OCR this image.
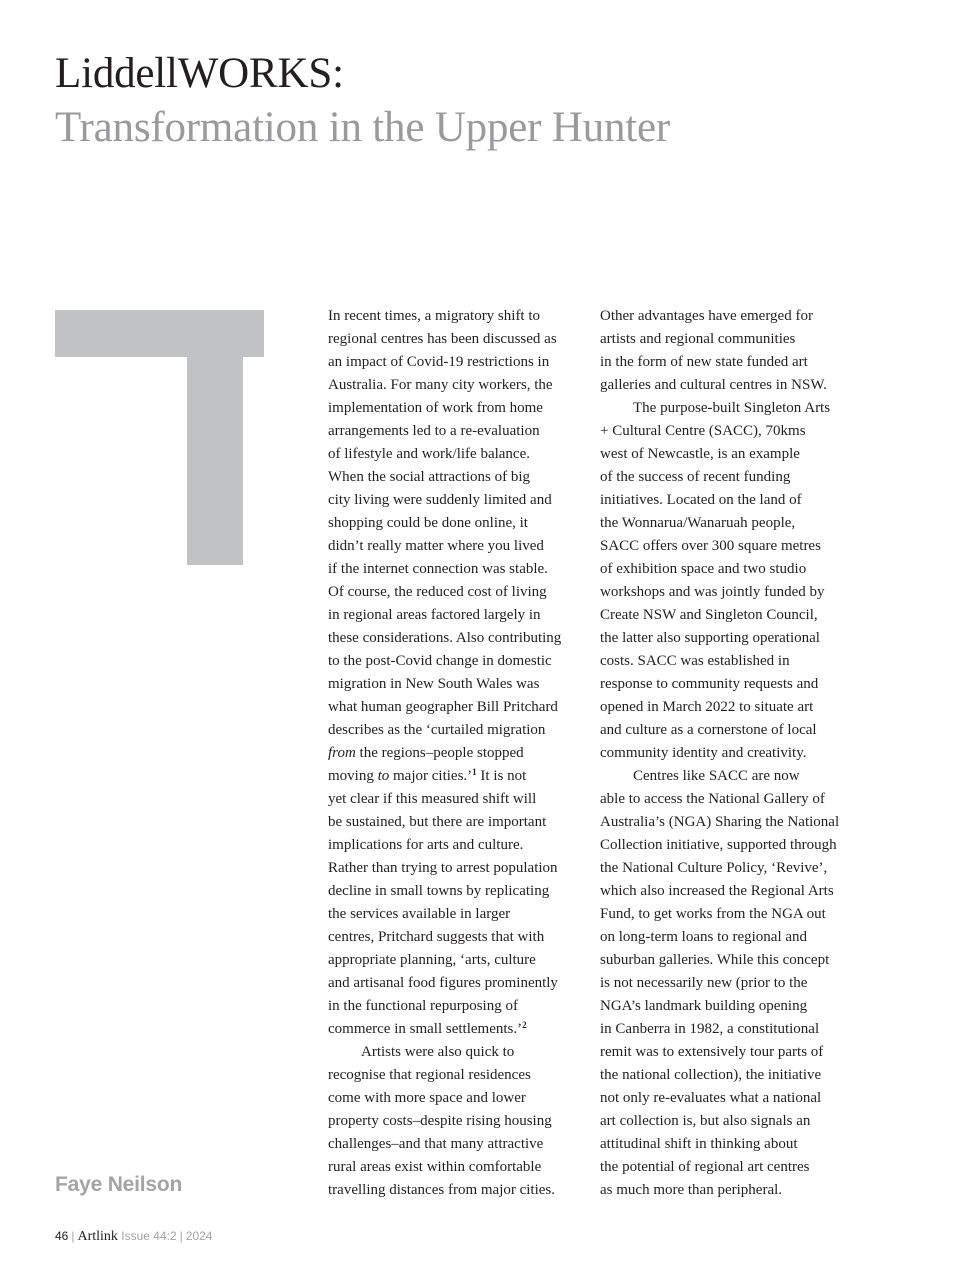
LiddellWORKS:
Transformation in the Upper Hunter
In recent times, a migratory shift to
regional centres has been discussed as
an impact of Covid-19 restrictions in
Australia. For many city workers, the
implementation of work from home
arrangements led to a re-evaluation
of lifestyle and work/life balance.
When the social attractions of big
city living were suddenly limited and
shopping could be done online, it
didn’t really matter where you lived
if the internet connection was stable.
Of course, the reduced cost of living
in regional areas factored largely in
these considerations. Also contributing
to the post-Covid change in domestic
migration in New South Wales was
what human geographer Bill Pritchard
describes as the ‘curtailed migration
from the regions–people stopped
moving to major cities.’$^1$ It is not
yet clear if this measured shift will
be sustained, but there are important
implications for arts and culture.
Rather than trying to arrest population
decline in small towns by replicating
the services available in larger
centres, Pritchard suggests that with
appropriate planning, ‘arts, culture
and artisanal food figures prominently
in the functional repurposing of
commerce in small settlements.’$^2$
Artists were also quick to
recognise that regional residences
come with more space and lower
property costs–despite rising housing
challenges–and that many attractive
rural areas exist within comfortable
travelling distances from major cities.
Other advantages have emerged for
artists and regional communities
in the form of new state funded art
galleries and cultural centres in NSW.
The purpose-built Singleton Arts
+ Cultural Centre (SACC), 70kms
west of Newcastle, is an example
of the success of recent funding
initiatives. Located on the land of
the Wonnarua/Wanaruah people,
SACC offers over 300 square metres
of exhibition space and two studio
workshops and was jointly funded by
Create NSW and Singleton Council,
the latter also supporting operational
costs. SACC was established in
response to community requests and
opened in March 2022 to situate art
and culture as a cornerstone of local
community identity and creativity.
Centres like SACC are now
able to access the National Gallery of
Australia’s (NGA) Sharing the National
Collection initiative, supported through
the National Culture Policy, ‘Revive’,
which also increased the Regional Arts
Fund, to get works from the NGA out
on long-term loans to regional and
suburban galleries. While this concept
is not necessarily new (prior to the
NGA’s landmark building opening
in Canberra in 1982, a constitutional
remit was to extensively tour parts of
the national collection), the initiative
not only re-evaluates what a national
art collection is, but also signals an
attitudinal shift in thinking about
the potential of regional art centres
as much more than peripheral.
Faye Neilson
46 | Artlink Issue 44:2 | 2024
